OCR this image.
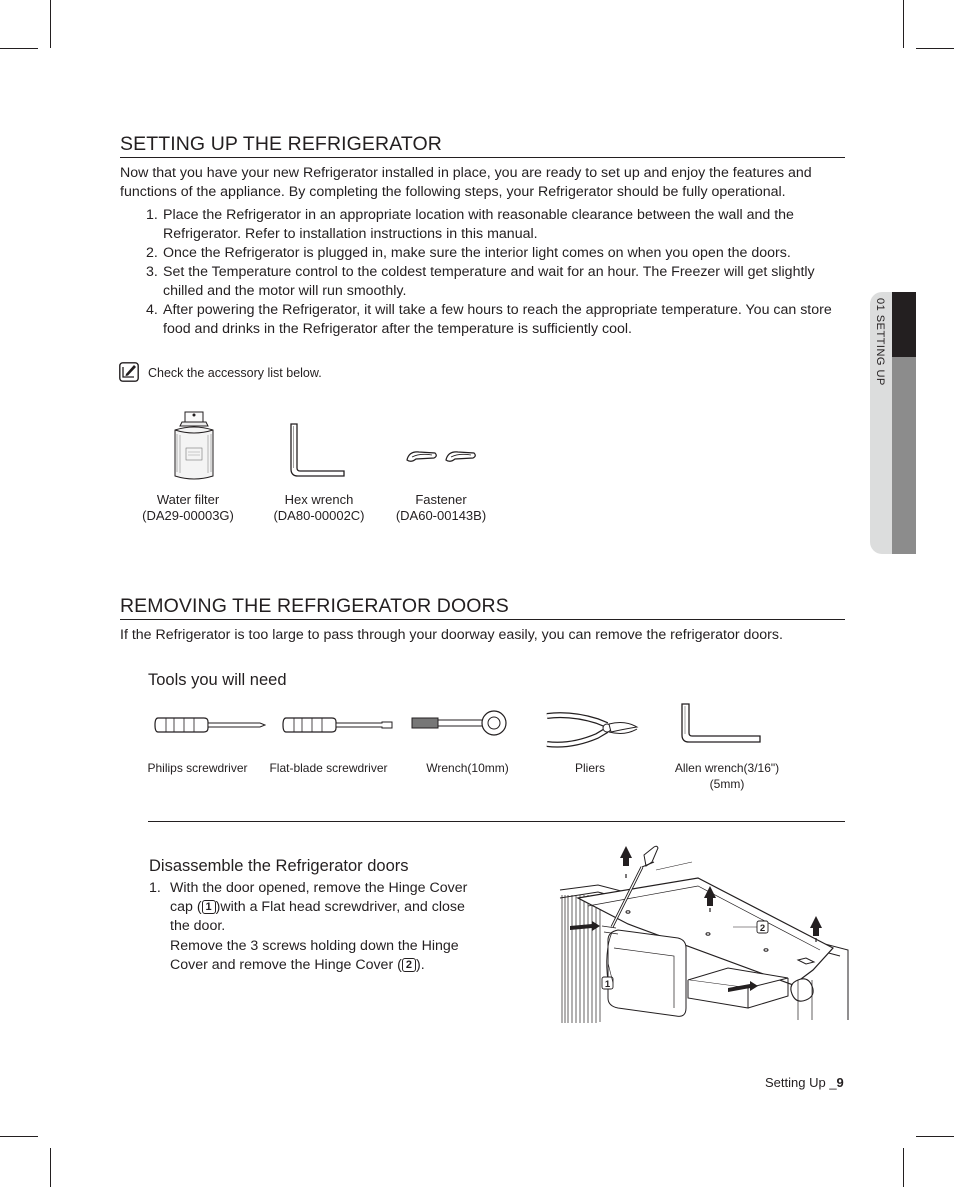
01 SETTING UP
SETTING UP THE REFRIGERATOR

Now that you have your new Refrigerator installed in place, you are ready to set up and enjoy the features and functions of the appliance. By completing the following steps, your Refrigerator should be fully operational.

1. Place the Refrigerator in an appropriate location with reasonable clearance between the wall and the Refrigerator. Refer to installation instructions in this manual.
2. Once the Refrigerator is plugged in, make sure the interior light comes on when you open the doors.
3. Set the Temperature control to the coldest temperature and wait for an hour. The Freezer will get slightly chilled and the motor will run smoothly.
4. After powering the Refrigerator, it will take a few hours to reach the appropriate temperature. You can store food and drinks in the Refrigerator after the temperature is sufficiently cool.
Check the accessory list below.
Water filter
(DA29-00003G)
Hex wrench
(DA80-00002C)
Fastener
(DA60-00143B)
REMOVING THE REFRIGERATOR DOORS

If the Refrigerator is too large to pass through your doorway easily, you can remove the refrigerator doors.

Tools you will need
Philips screwdriver	Flat-blade screwdriver	Wrench(10mm)	Pliers	Allen wrench(3/16")
(5mm)
Disassemble the Refrigerator doors
1. With the door opened, remove the Hinge Cover cap ( 1 )with a Flat head screwdriver, and close the door.
Remove the 3 screws holding down the Hinge Cover and remove the Hinge Cover ( 2 ).
1
2
Setting Up _9
